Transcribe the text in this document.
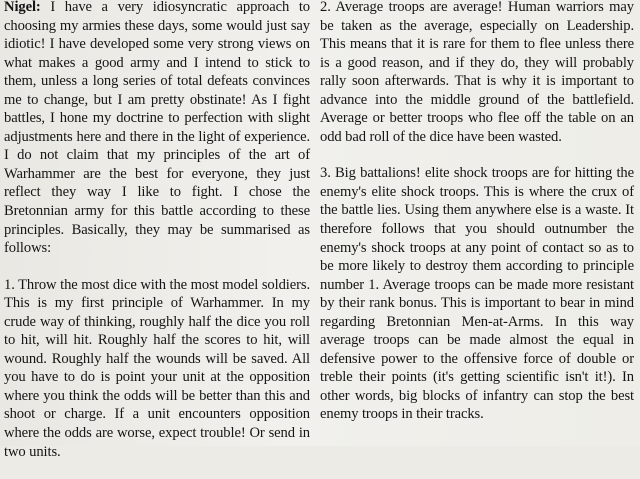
Nigel: I have a very idiosyncratic approach to choosing my armies these days, some would just say idiotic! I have developed some very strong views on what makes a good army and I intend to stick to them, unless a long series of total defeats convinces me to change, but I am pretty obstinate! As I fight battles, I hone my doctrine to perfection with slight adjustments here and there in the light of experience. I do not claim that my principles of the art of Warhammer are the best for everyone, they just reflect they way I like to fight. I chose the Bretonnian army for this battle according to these principles. Basically, they may be summarised as follows:

1. Throw the most dice with the most model soldiers. This is my first principle of Warhammer. In my crude way of thinking, roughly half the dice you roll to hit, will hit. Roughly half the scores to hit, will wound. Roughly half the wounds will be saved. All you have to do is point your unit at the opposition where you think the odds will be better than this and shoot or charge. If a unit encounters opposition where the odds are worse, expect trouble! Or send in two units.

2. Average troops are average! Human warriors may be taken as the average, especially on Leadership. This means that it is rare for them to flee unless there is a good reason, and if they do, they will probably rally soon afterwards. That is why it is important to advance into the middle ground of the battlefield. Average or better troops who flee off the table on an odd bad roll of the dice have been wasted.

3. Big battalions! elite shock troops are for hitting the enemy's elite shock troops. This is where the crux of the battle lies. Using them anywhere else is a waste. It therefore follows that you should outnumber the enemy's shock troops at any point of contact so as to be more likely to destroy them according to principle number 1. Average troops can be made more resistant by their rank bonus. This is important to bear in mind regarding Bretonnian Men-at-Arms. In this way average troops can be made almost the equal in defensive power to the offensive force of double or treble their points (it's getting scientific isn't it!). In other words, big blocks of infantry can stop the best enemy troops in their tracks.
